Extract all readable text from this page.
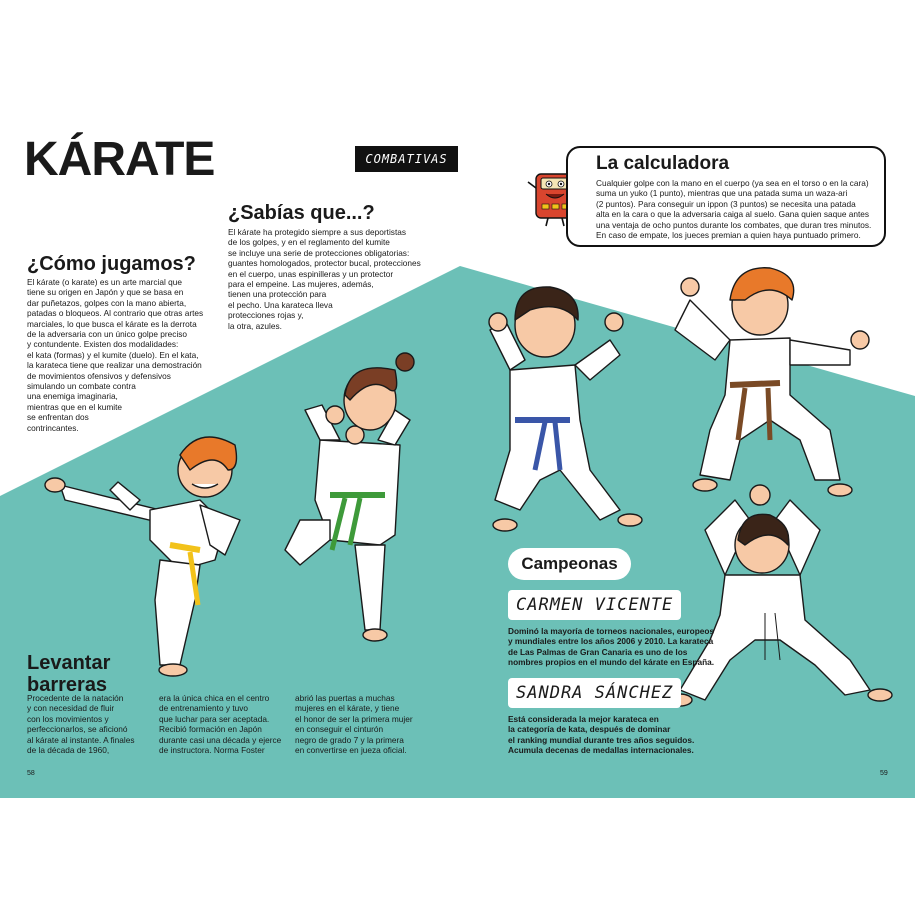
KÁRATE	COMBATIVAS
¿Cómo jugamos?
El kárate (o karate) es un arte marcial que
tiene su origen en Japón y que se basa en
dar puñetazos, golpes con la mano abierta,
patadas o bloqueos. Al contrario que otras artes
marciales, lo que busca el kárate es la derrota
de la adversaria con un único golpe preciso
y contundente. Existen dos modalidades:
el kata (formas) y el kumite (duelo). En el kata,
la karateca tiene que realizar una demostración
de movimientos ofensivos y defensivos
simulando un combate contra
una enemiga imaginaria,
mientras que en el kumite
se enfrentan dos
contrincantes.
¿Sabías que...?
El kárate ha protegido siempre a sus deportistas
de los golpes, y en el reglamento del kumite
se incluye una serie de protecciones obligatorias:
guantes homologados, protector bucal, protecciones
en el cuerpo, unas espinilleras y un protector
para el empeine. Las mujeres, además,
tienen una protección para
el pecho. Una karateca lleva
protecciones rojas y,
la otra, azules.
La calculadora
Cualquier golpe con la mano en el cuerpo (ya sea en el torso o en la cara)
suma un yuko (1 punto), mientras que una patada suma un waza-ari
(2 puntos). Para conseguir un ippon (3 puntos) se necesita una patada
alta en la cara o que la adversaria caiga al suelo. Gana quien saque antes
una ventaja de ocho puntos durante los combates, que duran tres minutos.
En caso de empate, los jueces premian a quien haya puntuado primero.
Levantar
barreras
Procedente de la natación
y con necesidad de fluir
con los movimientos y
perfeccionarlos, se aficionó
al kárate al instante. A finales
de la década de 1960,
era la única chica en el centro
de entrenamiento y tuvo
que luchar para ser aceptada.
Recibió formación en Japón
durante casi una década y ejerce
de instructora. Norma Foster
abrió las puertas a muchas
mujeres en el kárate, y tiene
el honor de ser la primera mujer
en conseguir el cinturón
negro de grado 7 y la primera
en convertirse en jueza oficial.
Campeonas
CARMEN VICENTE
Dominó la mayoría de torneos nacionales, europeos
y mundiales entre los años 2006 y 2010. La karateca
de Las Palmas de Gran Canaria es uno de los
nombres propios en el mundo del kárate en España.
SANDRA SÁNCHEZ
Está considerada la mejor karateca en
la categoría de kata, después de dominar
el ranking mundial durante tres años seguidos.
Acumula decenas de medallas internacionales.
58	59
